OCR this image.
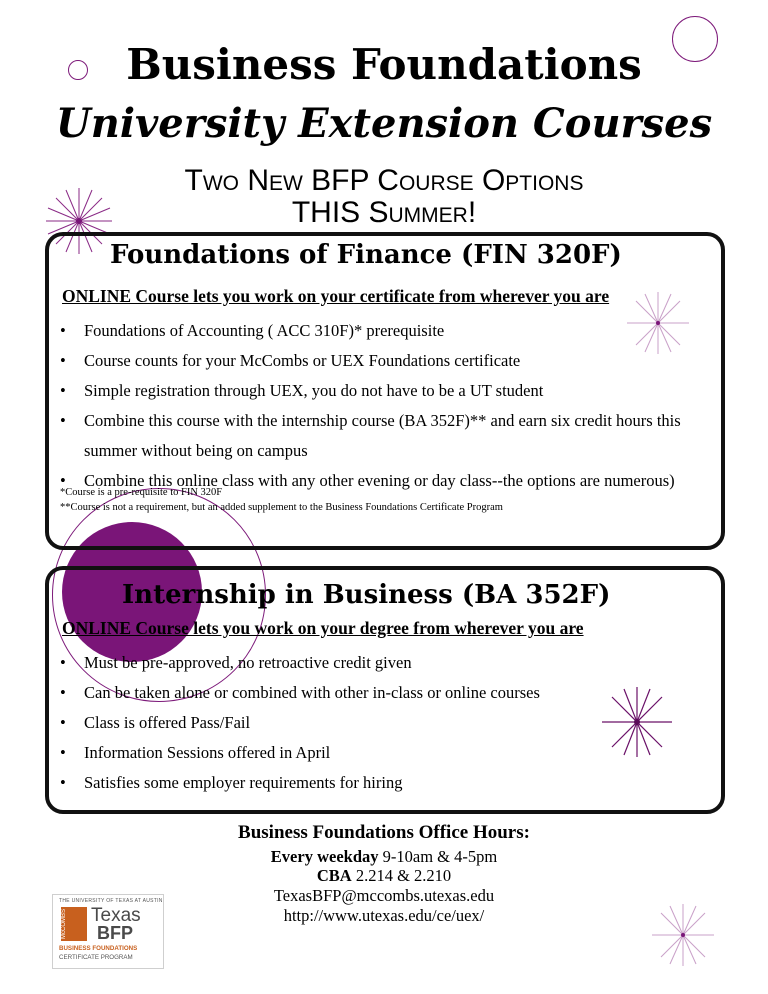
Business Foundations
University Extension Courses
Two New BFP Course Options
THIS Summer!
Foundations of Finance (FIN 320F)
ONLINE Course lets you work on your certificate from wherever you are
• Foundations of Accounting ( ACC 310F)* prerequisite
• Course counts for your McCombs or UEX Foundations certificate
• Simple registration through UEX, you do not have to be a UT student
• Combine this course with the internship course (BA 352F)** and earn six credit hours this summer without being on campus
• Combine this online class with any other evening or day class--the options are numerous)
*Course is a pre-requisite to FIN 320F
**Course is not a requirement, but an added supplement to the Business Foundations Certificate Program
Internship in Business (BA 352F)
ONLINE Course lets you work on your degree from wherever you are
• Must be pre-approved, no retroactive credit given
• Can be taken alone or combined with other in-class or online courses
• Class is offered Pass/Fail
• Information Sessions offered in April
• Satisfies some employer requirements for hiring
Business Foundations Office Hours:
Every weekday 9-10am & 4-5pm
CBA 2.214 & 2.210
TexasBFP@mccombs.utexas.edu
http://www.utexas.edu/ce/uex/
THE UNIVERSITY OF TEXAS AT AUSTIN
McCOMBS	Texas
BFP
BUSINESS FOUNDATIONS
CERTIFICATE PROGRAM
